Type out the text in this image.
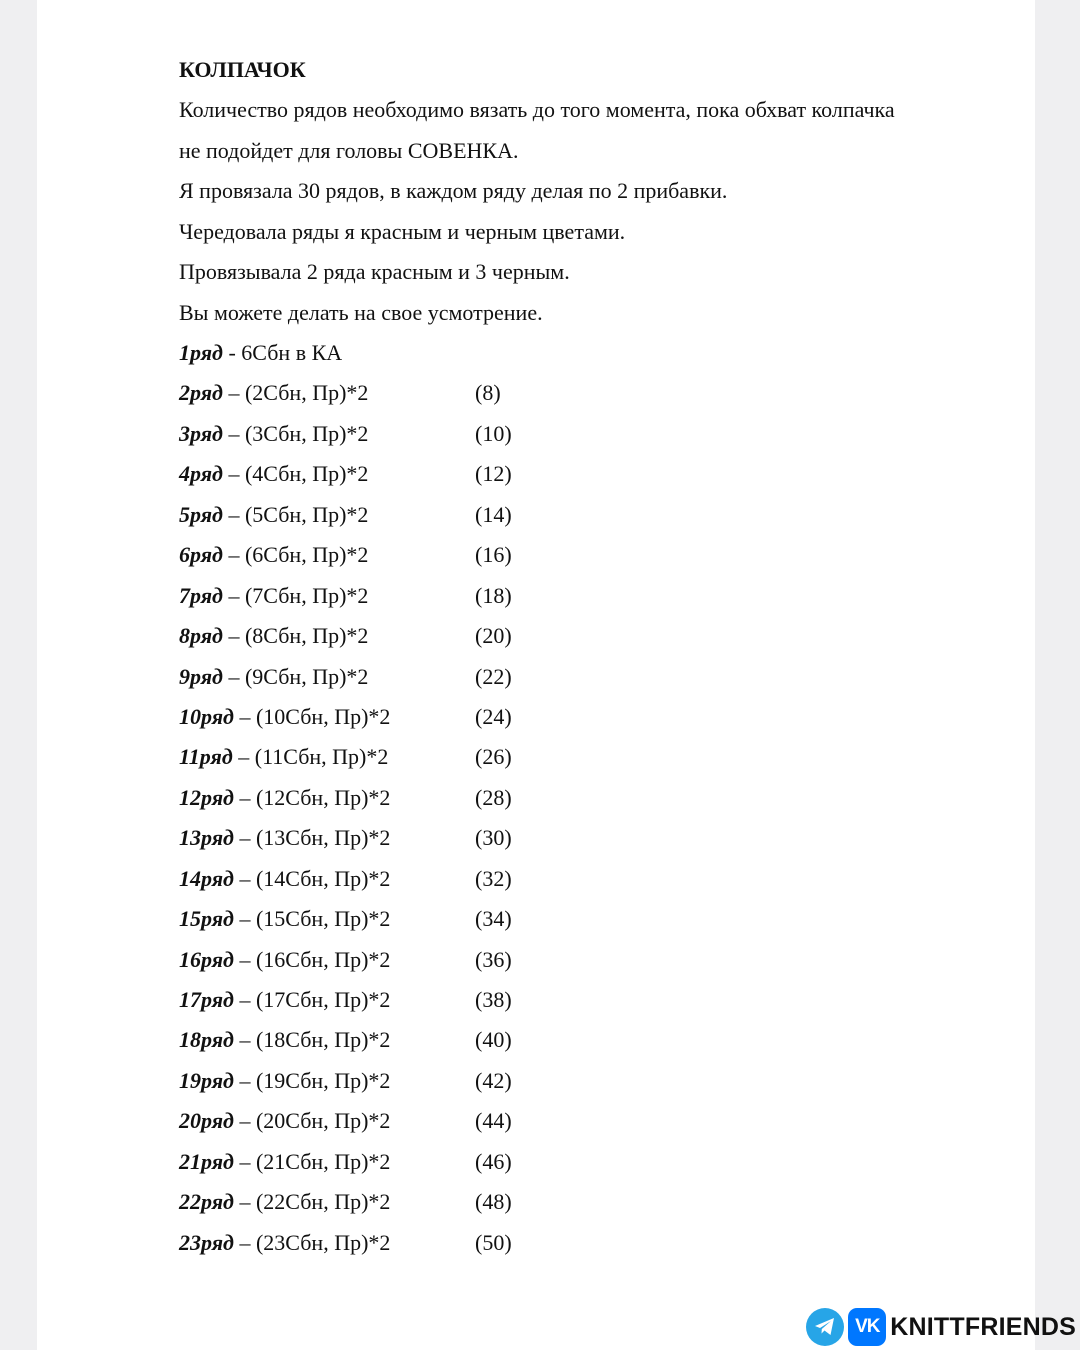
КОЛПАЧОК
Количество рядов необходимо вязать до того момента, пока обхват колпачка
не подойдет для головы СОВЕНКА.
Я провязала 30 рядов, в каждом ряду делая по 2 прибавки.
Чередовала ряды я красным и черным цветами.
Провязывала 2 ряда красным и 3 черным.
Вы можете делать на свое усмотрение.
1ряд - 6Сбн в КА
2ряд – (2Сбн, Пр)*2	(8)
3ряд – (3Сбн, Пр)*2	(10)
4ряд – (4Сбн, Пр)*2	(12)
5ряд – (5Сбн, Пр)*2	(14)
6ряд – (6Сбн, Пр)*2	(16)
7ряд – (7Сбн, Пр)*2	(18)
8ряд – (8Сбн, Пр)*2	(20)
9ряд – (9Сбн, Пр)*2	(22)
10ряд – (10Сбн, Пр)*2	(24)
11ряд – (11Сбн, Пр)*2	(26)
12ряд – (12Сбн, Пр)*2	(28)
13ряд – (13Сбн, Пр)*2	(30)
14ряд – (14Сбн, Пр)*2	(32)
15ряд – (15Сбн, Пр)*2	(34)
16ряд – (16Сбн, Пр)*2	(36)
17ряд – (17Сбн, Пр)*2	(38)
18ряд – (18Сбн, Пр)*2	(40)
19ряд – (19Сбн, Пр)*2	(42)
20ряд – (20Сбн, Пр)*2	(44)
21ряд – (21Сбн, Пр)*2	(46)
22ряд – (22Сбн, Пр)*2	(48)
23ряд – (23Сбн, Пр)*2	(50)
VK KNITTFRIENDS
